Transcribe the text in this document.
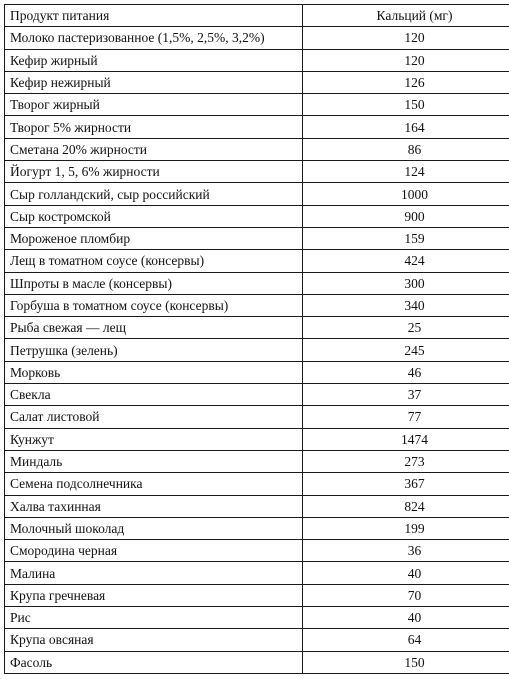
Продукт питания	Кальций (мг)
Молоко пастеризованное (1,5%, 2,5%, 3,2%)	120
Кефир жирный	120
Кефир нежирный	126
Творог жирный	150
Творог 5% жирности	164
Сметана 20% жирности	86
Йогурт 1, 5, 6% жирности	124
Сыр голландский, сыр российский	1000
Сыр костромской	900
Мороженое пломбир	159
Лещ в томатном соусе (консервы)	424
Шпроты в масле (консервы)	300
Горбуша в томатном соусе (консервы)	340
Рыба свежая — лещ	25
Петрушка (зелень)	245
Морковь	46
Свекла	37
Салат листовой	77
Кунжут	1474
Миндаль	273
Семена подсолнечника	367
Халва тахинная	824
Молочный шоколад	199
Смородина черная	36
Малина	40
Крупа гречневая	70
Рис	40
Крупа овсяная	64
Фасоль	150
